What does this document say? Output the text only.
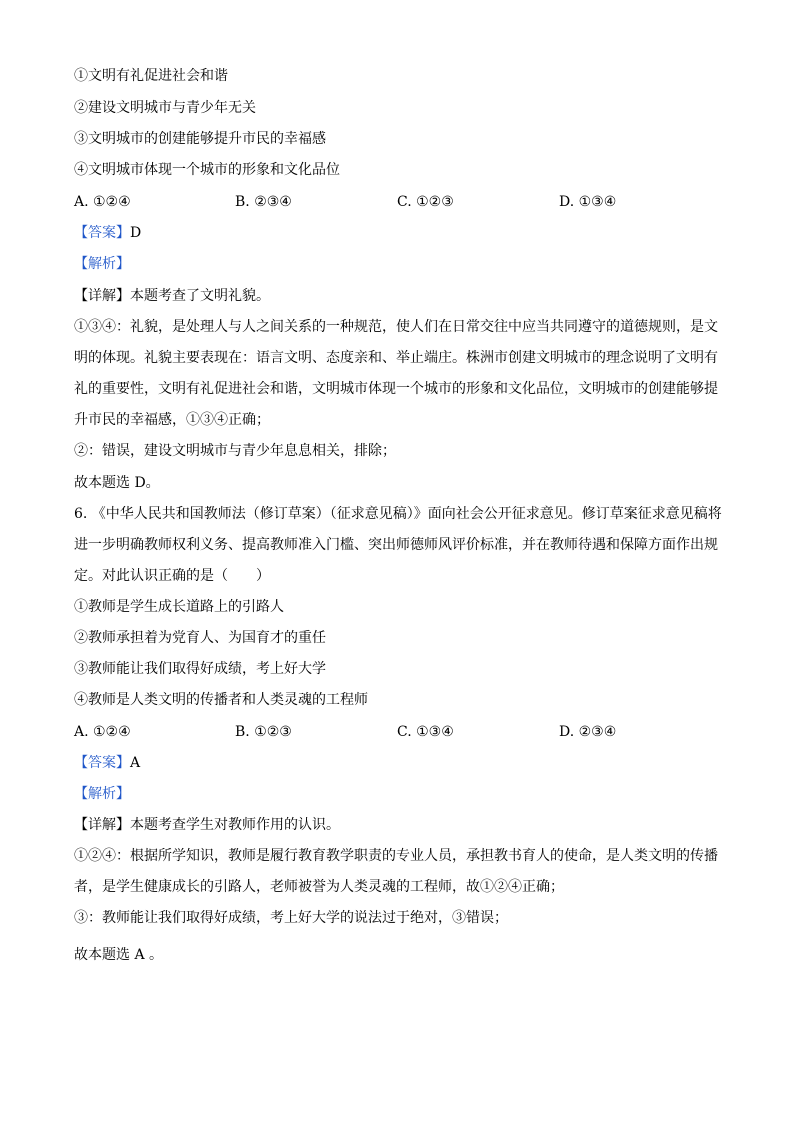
①文明有礼促进社会和谐
②建设文明城市与青少年无关
③文明城市的创建能够提升市民的幸福感
④文明城市体现一个城市的形象和文化品位
A. ①②④	B. ②③④	C. ①②③	D. ①③④
【答案】D
【解析】
【详解】本题考查了文明礼貌。
①③④：礼貌，是处理人与人之间关系的一种规范，使人们在日常交往中应当共同遵守的道德规则，是文
明的体现。礼貌主要表现在：语言文明、态度亲和、举止端庄。株洲市创建文明城市的理念说明了文明有
礼的重要性，文明有礼促进社会和谐，文明城市体现一个城市的形象和文化品位，文明城市的创建能够提
升市民的幸福感，①③④正确；
②：错误，建设文明城市与青少年息息相关，排除；
故本题选 D。
6. 《中华人民共和国教师法（修订草案）（征求意见稿）》面向社会公开征求意见。修订草案征求意见稿将
进一步明确教师权利义务、提高教师准入门槛、突出师德师风评价标准，并在教师待遇和保障方面作出规
定。对此认识正确的是（　　）
①教师是学生成长道路上的引路人
②教师承担着为党育人、为国育才的重任
③教师能让我们取得好成绩，考上好大学
④教师是人类文明的传播者和人类灵魂的工程师
A. ①②④	B. ①②③	C. ①③④	D. ②③④
【答案】A
【解析】
【详解】本题考查学生对教师作用的认识。
①②④：根据所学知识，教师是履行教育教学职责的专业人员，承担教书育人的使命，是人类文明的传播
者，是学生健康成长的引路人，老师被誉为人类灵魂的工程师，故①②④正确；
③：教师能让我们取得好成绩，考上好大学的说法过于绝对，③错误；
故本题选 A 。
